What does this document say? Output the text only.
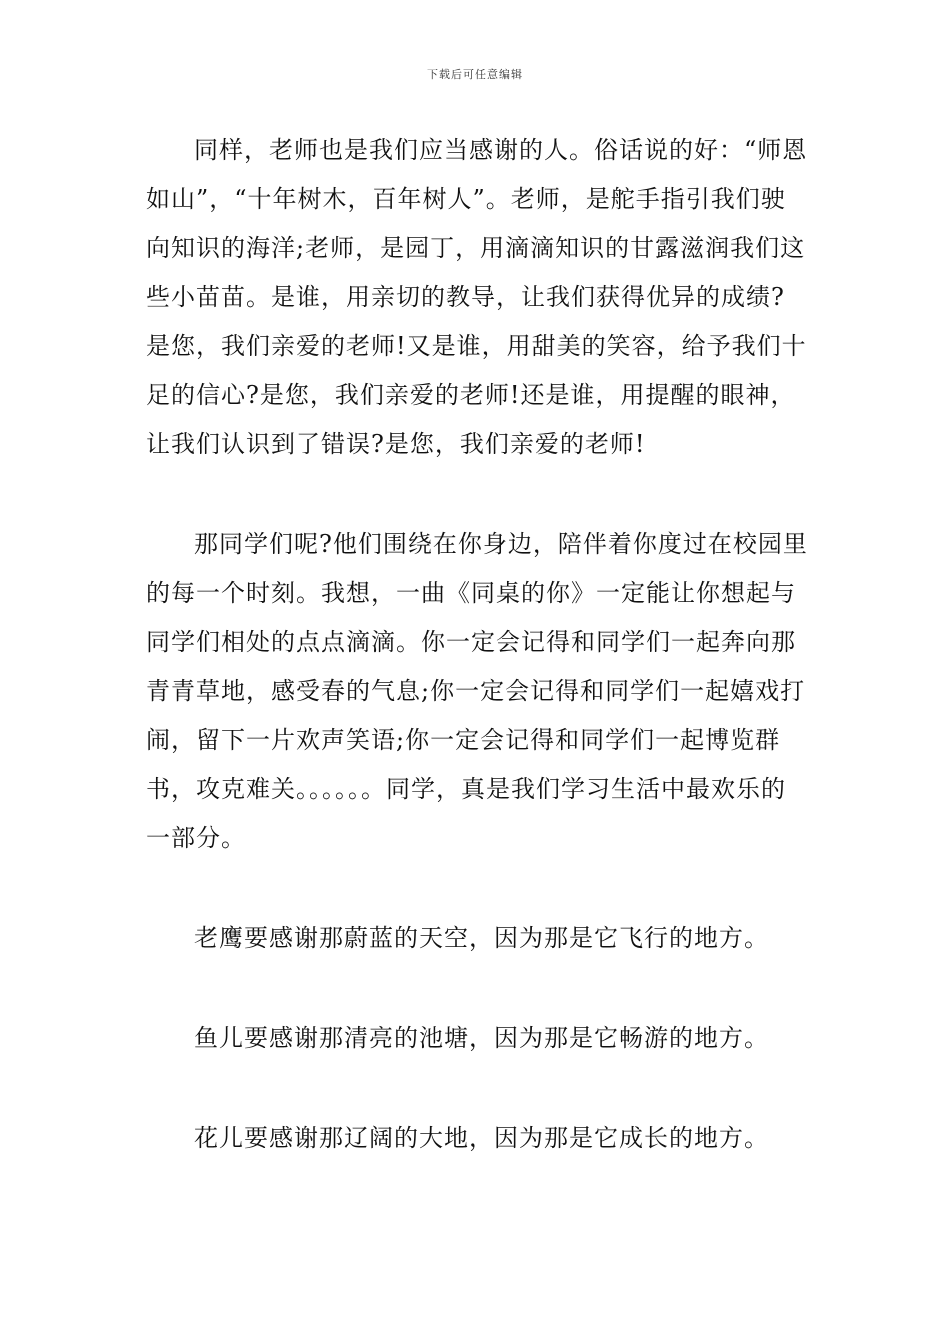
下载后可任意编辑

同样，老师也是我们应当感谢的人。俗话说的好：“师恩如山”，“十年树木，百年树人”。老师，是舵手指引我们驶向知识的海洋;老师，是园丁，用滴滴知识的甘露滋润我们这些小苗苗。是谁，用亲切的教导，让我们获得优异的成绩?是您，我们亲爱的老师!又是谁，用甜美的笑容，给予我们十足的信心?是您，我们亲爱的老师!还是谁，用提醒的眼神，让我们认识到了错误?是您，我们亲爱的老师!

那同学们呢?他们围绕在你身边，陪伴着你度过在校园里的每一个时刻。我想，一曲《同桌的你》一定能让你想起与同学们相处的点点滴滴。你一定会记得和同学们一起奔向那青青草地，感受春的气息;你一定会记得和同学们一起嬉戏打闹，留下一片欢声笑语;你一定会记得和同学们一起博览群书，攻克难关。。。。。。同学，真是我们学习生活中最欢乐的一部分。

老鹰要感谢那蔚蓝的天空，因为那是它飞行的地方。

鱼儿要感谢那清亮的池塘，因为那是它畅游的地方。

花儿要感谢那辽阔的大地，因为那是它成长的地方。
